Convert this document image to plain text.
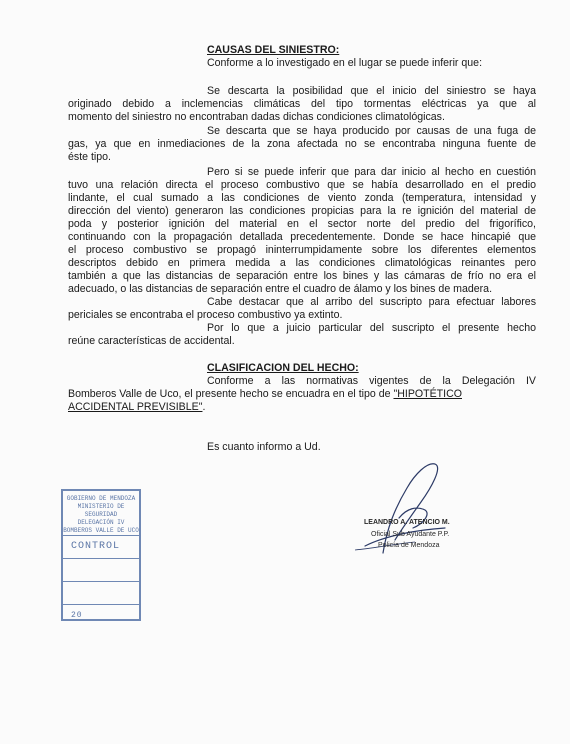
CAUSAS DEL SINIESTRO:
Conforme a lo investigado en el lugar se puede inferir que:
Se descarta la posibilidad que el inicio del siniestro se haya
originado debido a inclemencias climáticas del tipo tormentas eléctricas ya que al
momento del siniestro no encontraban dadas dichas condiciones climatológicas.
Se descarta que se haya producido por causas de una fuga de
gas, ya que en inmediaciones de la zona afectada no se encontraba ninguna fuente de
éste tipo.
Pero si se puede inferir que para dar inicio al hecho en cuestión
tuvo una relación directa el proceso combustivo que se había desarrollado en el predio
lindante, el cual sumado a las condiciones de viento zonda (temperatura, intensidad y
dirección del viento) generaron las condiciones propicias para la re ignición del material de
poda y posterior ignición del material en el sector norte del predio del frigorífico,
continuando con la propagación detallada precedentemente. Donde se hace hincapié que
el proceso combustivo se propagó ininterrumpidamente sobre los diferentes elementos
descriptos debido en primera medida a las condiciones climatológicas reinantes pero
también a que las distancias de separación entre los bines y las cámaras de frío no era el
adecuado, o las distancias de separación entre el cuadro de álamo y los bines de madera.
Cabe destacar que al arribo del suscripto para efectuar labores
periciales se encontraba el proceso combustivo ya extinto.
Por lo que a juicio particular del suscripto el presente hecho
reúne características de accidental.
CLASIFICACION DEL HECHO:
Conforme a las normativas vigentes de la Delegación IV
Bomberos Valle de Uco, el presente hecho se encuadra en el tipo de "HIPOTÉTICO
ACCIDENTAL PREVISIBLE".
Es cuanto informo a Ud.
GOBIERNO DE MENDOZA
MINISTERIO DE SEGURIDAD
DELEGACIÓN IV
BOMBEROS VALLE DE UCO
CONTROL
20
LEANDRO A. ATENCIO M.
Oficial Sub Ayudante P.P.
Policía de Mendoza
